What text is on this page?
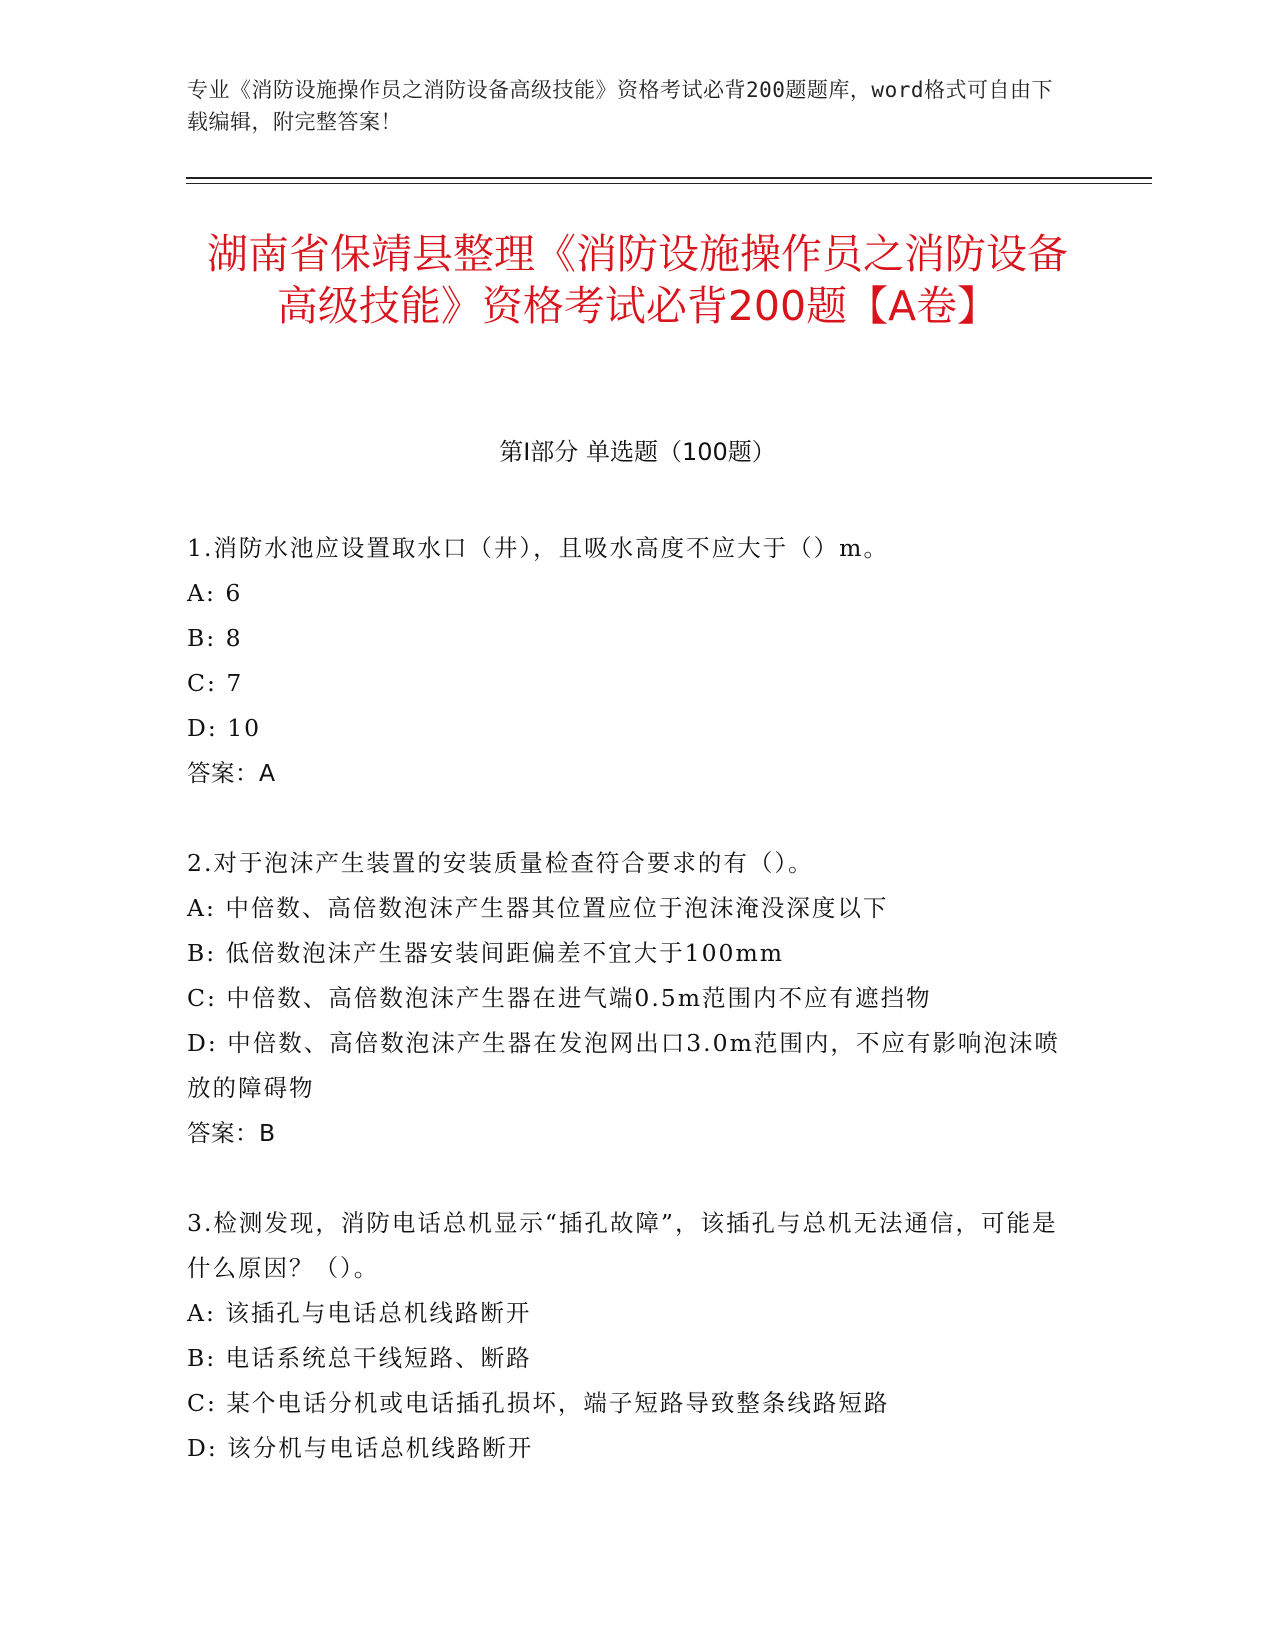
专业《消防设施操作员之消防设备高级技能》资格考试必背200题题库，word格式可自由下载编辑，附完整答案！
湖南省保靖县整理《消防设施操作员之消防设备高级技能》资格考试必背200题【A卷】
第I部分 单选题（100题）
1.消防水池应设置取水口（井），且吸水高度不应大于（）m。
A: 6
B: 8
C: 7
D: 10
答案：A
2.对于泡沫产生装置的安装质量检查符合要求的有（）。
A: 中倍数、高倍数泡沫产生器其位置应位于泡沫淹没深度以下
B: 低倍数泡沫产生器安装间距偏差不宜大于100mm
C: 中倍数、高倍数泡沫产生器在进气端0.5m范围内不应有遮挡物
D: 中倍数、高倍数泡沫产生器在发泡网出口3.0m范围内，不应有影响泡沫喷放的障碍物
答案：B
3.检测发现，消防电话总机显示“插孔故障”，该插孔与总机无法通信，可能是什么原因？（）。
A: 该插孔与电话总机线路断开
B: 电话系统总干线短路、断路
C: 某个电话分机或电话插孔损坏，端子短路导致整条线路短路
D: 该分机与电话总机线路断开
